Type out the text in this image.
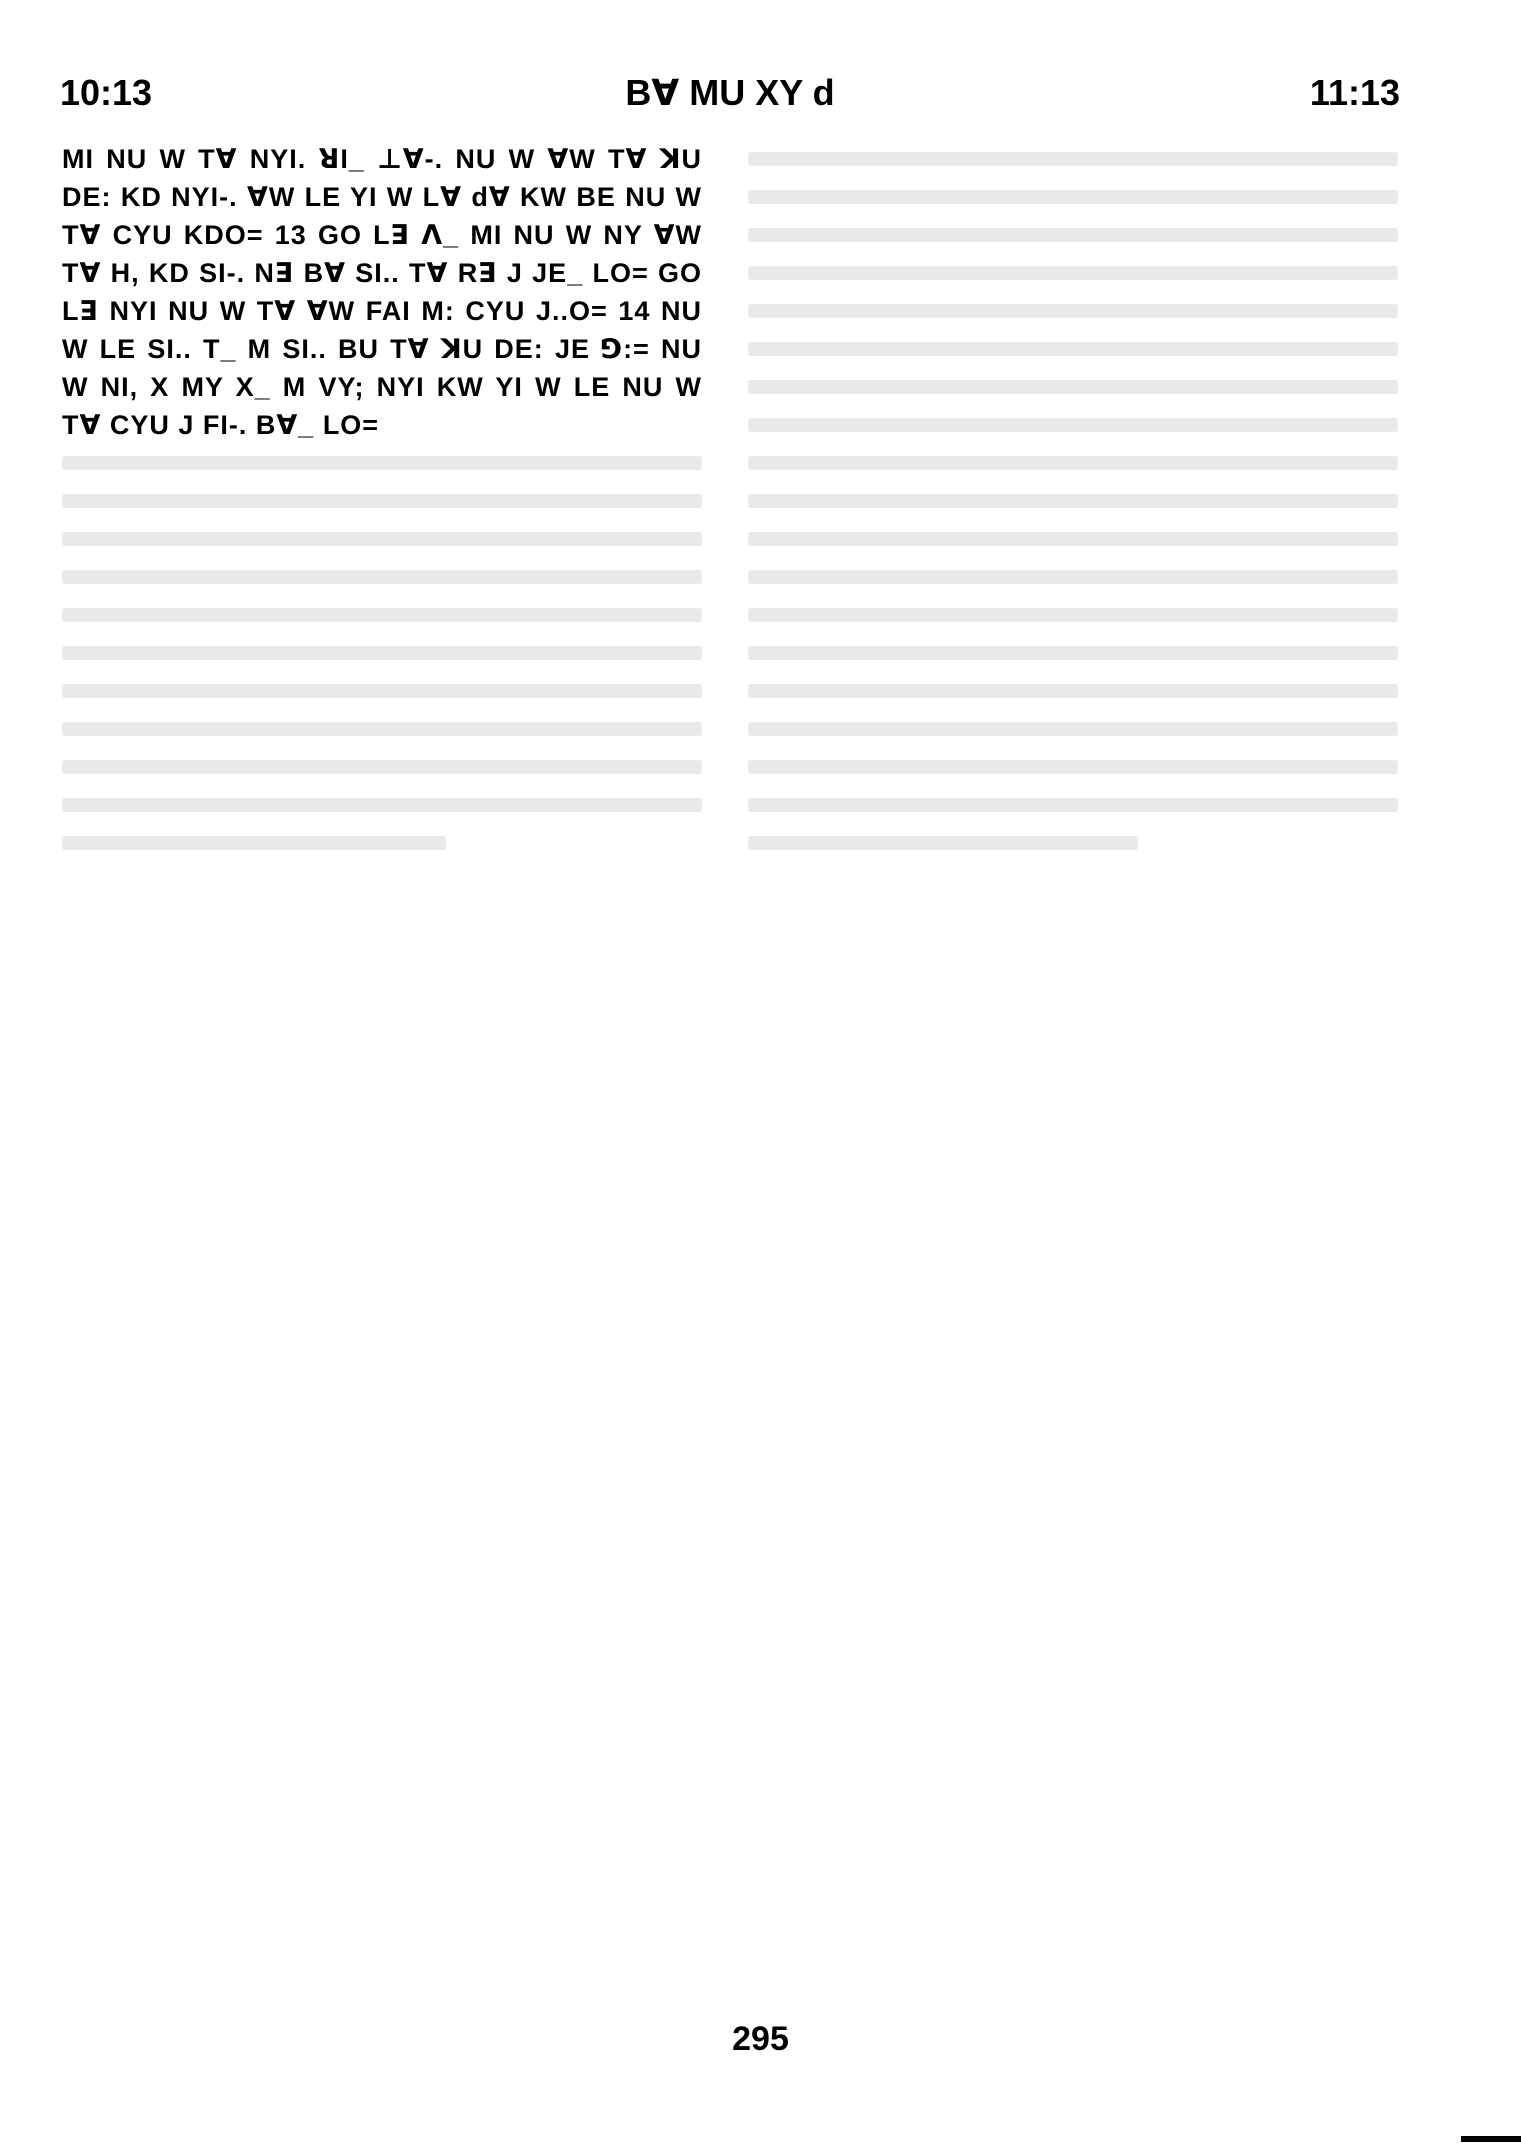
10:13	Bꓯ MU XY d	11:13
MI NU W Tꓯ NYI. ꓤI_ ⊥ꓯ-. NU W ꓯW Tꓯ ꓘU DE: KD NYI-. ꓯW LE YI W Lꓯ dꓯ KW BE NU W Tꓯ CYU KDO= 13 GO Lꓱ ꓥ_ MI NU W NY ꓯW Tꓯ H, KD SI-. Nꓱ Bꓯ SI.. Tꓯ Rꓱ J JE_ LO= GO Lꓱ NYI NU W Tꓯ ꓯW FAI M: CYU J..O= 14 NU W LE SI.. T_ M SI.. BU Tꓯ ꓘU DE: JE ꓨ:= NU W NI, X MY X_ M VY; NYI KW YI W LE NU W Tꓯ CYU J FI-. Bꓯ_ LO=
295
